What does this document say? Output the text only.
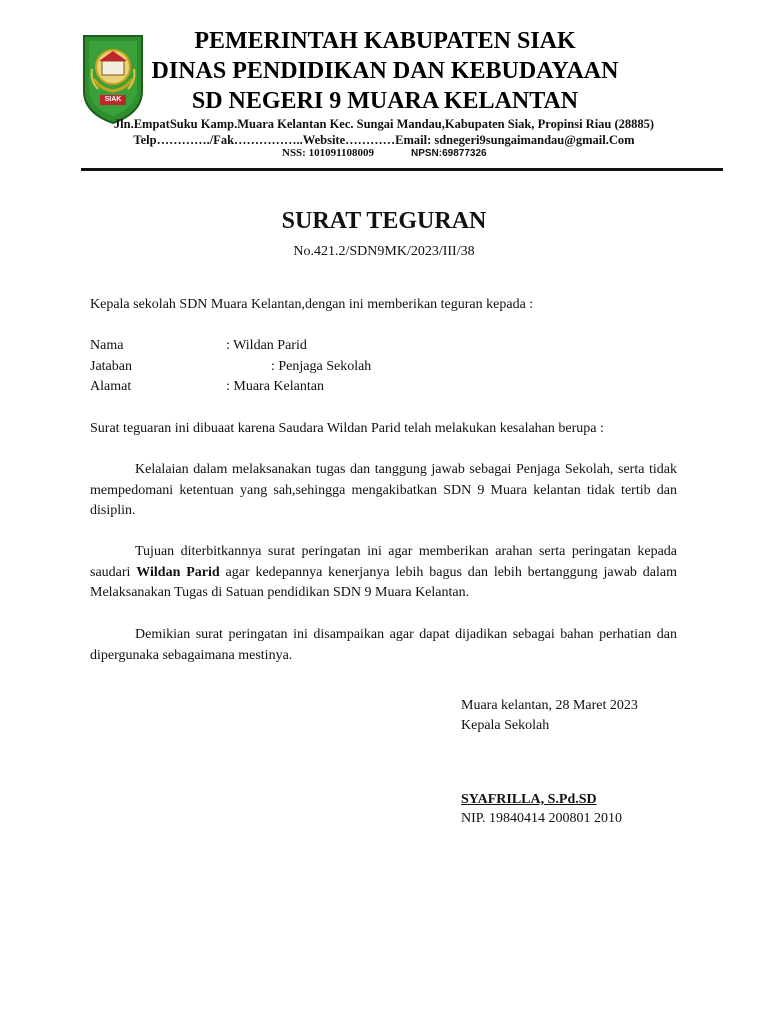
SIAK
PEMERINTAH KABUPATEN SIAK
DINAS PENDIDIKAN DAN KEBUDAYAAN
SD NEGERI 9 MUARA KELANTAN
Jln.EmpatSuku Kamp.Muara Kelantan Kec. Sungai Mandau,Kabupaten Siak, Propinsi Riau (28885)
Telp…………./Fak……………..Website…………Email: sdnegeri9sungaimandau@gmail.Com
NSS: 101091108009	NPSN:69877326
SURAT TEGURAN
No.421.2/SDN9MK/2023/III/38
Kepala sekolah SDN Muara Kelantan,dengan ini memberikan teguran kepada :
Nama	: Wildan Parid
Jataban	: Penjaga Sekolah
Alamat	: Muara Kelantan
Surat teguaran ini dibuaat karena Saudara Wildan Parid telah melakukan kesalahan berupa :
Kelalaian dalam melaksanakan tugas dan tanggung jawab sebagai Penjaga Sekolah, serta tidak mempedomani ketentuan yang sah,sehingga mengakibatkan SDN 9 Muara kelantan tidak tertib dan disiplin.
Tujuan diterbitkannya surat peringatan ini agar memberikan arahan serta peringatan kepada saudari Wildan Parid agar kedepannya kenerjanya lebih bagus dan lebih bertanggung jawab dalam Melaksanakan Tugas di Satuan pendidikan SDN 9 Muara Kelantan.
Demikian surat peringatan ini disampaikan agar dapat dijadikan sebagai bahan perhatian dan dipergunaka sebagaimana mestinya.
Muara kelantan, 28 Maret 2023
Kepala Sekolah
SYAFRILLA, S.Pd.SD
NIP. 19840414 200801 2010
